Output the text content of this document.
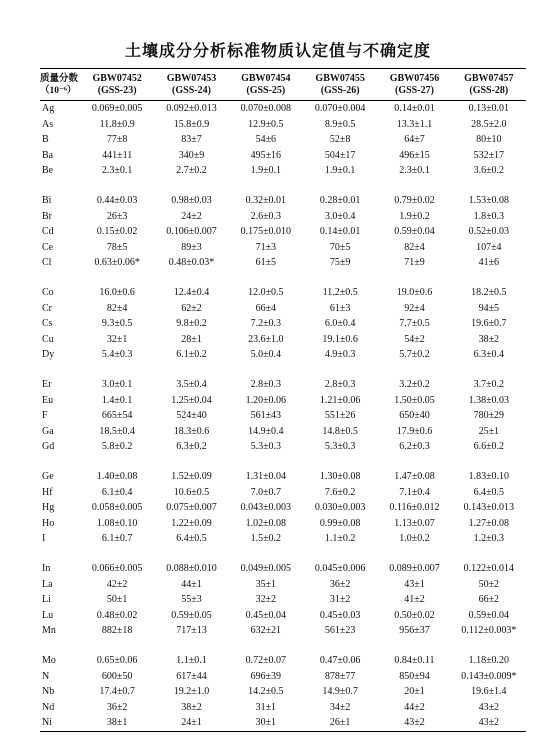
土壤成分分析标准物质认定值与不确定度
质量分数	GBW07452	GBW07453	GBW07454	GBW07455	GBW07456	GBW07457
（10⁻⁶）	(GSS-23)	(GSS-24)	(GSS-25)	(GSS-26)	(GSS-27)	(GSS-28)
Ag	0.069±0.005	0.092±0.013	0.070±0.008	0.070±0.004	0.14±0.01	0.13±0.01
As	11.8±0.9	15.8±0.9	12.9±0.5	8.9±0.5	13.3±1.1	28.5±2.0
B	77±8	83±7	54±6	52±8	64±7	80±10
Ba	441±11	340±9	495±16	504±17	496±15	532±17
Be	2.3±0.1	2.7±0.2	1.9±0.1	1.9±0.1	2.3±0.1	3.6±0.2

Bi	0.44±0.03	0.98±0.03	0.32±0.01	0.28±0.01	0.79±0.02	1.53±0.08
Br	26±3	24±2	2.6±0.3	3.0±0.4	1.9±0.2	1.8±0.3
Cd	0.15±0.02	0.106±0.007	0.175±0.010	0.14±0.01	0.59±0.04	0.52±0.03
Ce	78±5	89±3	71±3	70±5	82±4	107±4
Cl	0.63±0.06*	0.48±0.03*	61±5	75±9	71±9	41±6

Co	16.0±0.6	12.4±0.4	12.0±0.5	11.2±0.5	19.0±0.6	18.2±0.5
Cr	82±4	62±2	66±4	61±3	92±4	94±5
Cs	9.3±0.5	9.8±0.2	7.2±0.3	6.0±0.4	7.7±0.5	19.6±0.7
Cu	32±1	28±1	23.6±1.0	19.1±0.6	54±2	38±2
Dy	5.4±0.3	6.1±0.2	5.0±0.4	4.9±0.3	5.7±0.2	6.3±0.4

Er	3.0±0.1	3.5±0.4	2.8±0.3	2.8±0.3	3.2±0.2	3.7±0.2
Eu	1.4±0.1	1.25±0.04	1.20±0.06	1.21±0.06	1.50±0.05	1.38±0.03
F	665±54	524±40	561±43	551±26	650±40	780±29
Ga	18.5±0.4	18.3±0.6	14.9±0.4	14.8±0.5	17.9±0.6	25±1
Gd	5.8±0.2	6.3±0.2	5.3±0.3	5.3±0.3	6.2±0.3	6.6±0.2

Ge	1.40±0.08	1.52±0.09	1.31±0.04	1.30±0.08	1.47±0.08	1.83±0.10
Hf	6.1±0.4	10.6±0.5	7.0±0.7	7.6±0.2	7.1±0.4	6.4±0.5
Hg	0.058±0.005	0.075±0.007	0.043±0.003	0.030±0.003	0.116±0.012	0.143±0.013
Ho	1.08±0.10	1.22±0.09	1.02±0.08	0.99±0.08	1.13±0.07	1.27±0.08
I	6.1±0.7	6.4±0.5	1.5±0.2	1.1±0.2	1.0±0.2	1.2±0.3

In	0.066±0.005	0.088±0.010	0.049±0.005	0.045±0.006	0.089±0.007	0.122±0.014
La	42±2	44±1	35±1	36±2	43±1	50±2
Li	50±1	55±3	32±2	31±2	41±2	66±2
Lu	0.48±0.02	0.59±0.05	0.45±0.04	0.45±0.03	0.50±0.02	0.59±0.04
Mn	882±18	717±13	632±21	561±23	956±37	0.112±0.003*

Mo	0.65±0.06	1.1±0.1	0.72±0.07	0.47±0.06	0.84±0.11	1.18±0.20
N	600±50	617±44	696±39	878±77	850±94	0.143±0.009*
Nb	17.4±0.7	19.2±1.0	14.2±0.5	14.9±0.7	20±1	19.6±1.4
Nd	36±2	38±2	31±1	34±2	44±2	43±2
Ni	38±1	24±1	30±1	26±1	43±2	43±2
